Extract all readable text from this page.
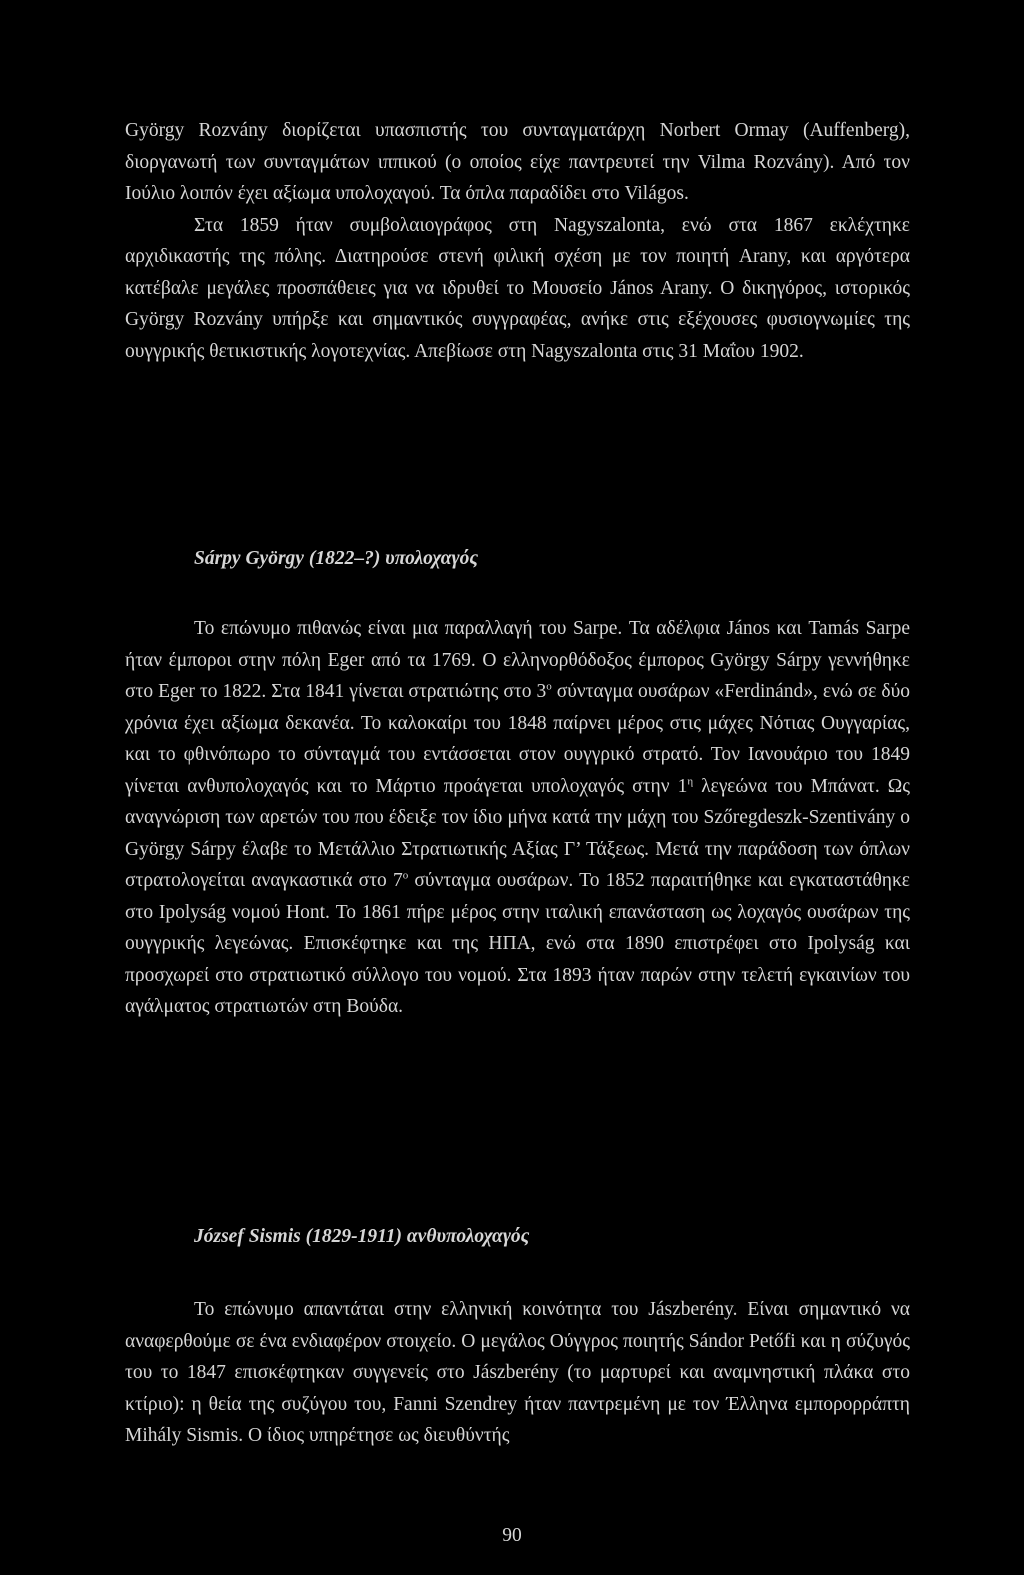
György Rozvány διορίζεται υπασπιστής του συνταγματάρχη Norbert Ormay (Auffenberg), διοργανωτή των συνταγμάτων ιππικού (ο οποίος είχε παντρευτεί την Vilma Rozvány). Από τον Ιούλιο λοιπόν έχει αξίωμα υπολοχαγού. Τα όπλα παραδίδει στο Világos.

Στα 1859 ήταν συμβολαιογράφος στη Nagyszalonta, ενώ στα 1867 εκλέχτηκε αρχιδικαστής της πόλης. Διατηρούσε στενή φιλική σχέση με τον ποιητή Arany, και αργότερα κατέβαλε μεγάλες προσπάθειες για να ιδρυθεί το Μουσείο János Arany. Ο δικηγόρος, ιστορικός György Rozvány υπήρξε και σημαντικός συγγραφέας, ανήκε στις εξέχουσες φυσιογνωμίες της ουγγρικής θετικιστικής λογοτεχνίας. Απεβίωσε στη Nagyszalonta στις 31 Μαΐου 1902.

Sárpy György (1822–?) υπολοχαγός

Το επώνυμο πιθανώς είναι μια παραλλαγή του Sarpe. Τα αδέλφια János και Tamás Sarpe ήταν έμποροι στην πόλη Eger από τα 1769. Ο ελληνορθόδοξος έμπορος György Sárpy γεννήθηκε στο Eger το 1822. Στα 1841 γίνεται στρατιώτης στο $3^o$ σύνταγμα ουσάρων «Ferdinánd», ενώ σε δύο χρόνια έχει αξίωμα δεκανέα. Το καλοκαίρι του 1848 παίρνει μέρος στις μάχες Νότιας Ουγγαρίας, και το φθινόπωρο το σύνταγμά του εντάσσεται στον ουγγρικό στρατό. Τον Ιανουάριο του 1849 γίνεται ανθυπολοχαγός και το Μάρτιο προάγεται υπολοχαγός στην $1^\eta$ λεγεώνα του Μπάνατ. Ως αναγνώριση των αρετών του που έδειξε τον ίδιο μήνα κατά την μάχη του Szőregdeszk-Szentivány ο György Sárpy έλαβε το Μετάλλιο Στρατιωτικής Αξίας Γ’ Τάξεως. Μετά την παράδοση των όπλων στρατολογείται αναγκαστικά στο $7^o$ σύνταγμα ουσάρων. Το 1852 παραιτήθηκε και εγκαταστάθηκε στο Ipolyság νομού Hont. Το 1861 πήρε μέρος στην ιταλική επανάσταση ως λοχαγός ουσάρων της ουγγρικής λεγεώνας. Επισκέφτηκε και της ΗΠΑ, ενώ στα 1890 επιστρέφει στο Ipolyság και προσχωρεί στο στρατιωτικό σύλλογο του νομού. Στα 1893 ήταν παρών στην τελετή εγκαινίων του αγάλματος στρατιωτών στη Βούδα.

József Sismis (1829-1911) ανθυπολοχαγός

Το επώνυμο απαντάται στην ελληνική κοινότητα του Jászberény. Είναι σημαντικό να αναφερθούμε σε ένα ενδιαφέρον στοιχείο. Ο μεγάλος Ούγγρος ποιητής Sándor Petőfi και η σύζυγός του το 1847 επισκέφτηκαν συγγενείς στο Jászberény (το μαρτυρεί και αναμνηστική πλάκα στο κτίριο): η θεία της συζύγου του, Fanni Szendrey ήταν παντρεμένη με τον Έλληνα εμπορορράπτη Mihály Sismis. Ο ίδιος υπηρέτησε ως διευθύντής

90
